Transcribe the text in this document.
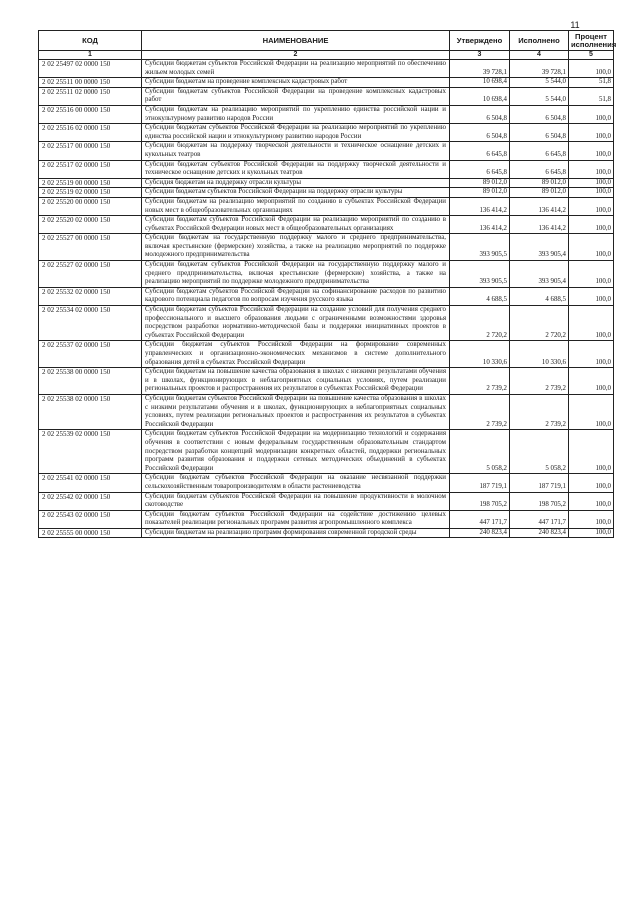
11
КОД	НАИМЕНОВАНИЕ	Утверждено	Исполнено	Процент исполнения
1	2	3	4	5
2 02 25497 02 0000 150	Субсидии бюджетам субъектов Российской Федерации на реализацию мероприятий по обеспечению жильем молодых семей	39 728,1	39 728,1	100,0
2 02 25511 00 0000 150	Субсидии бюджетам на проведение комплексных кадастровых работ	10 698,4	5 544,0	51,8
2 02 25511 02 0000 150	Субсидии бюджетам субъектов Российской Федерации на проведение комплексных кадастровых работ	10 698,4	5 544,0	51,8
2 02 25516 00 0000 150	Субсидии бюджетам на реализацию мероприятий по укреплению единства российской нации и этнокультурному развитию народов России	6 504,8	6 504,8	100,0
2 02 25516 02 0000 150	Субсидии бюджетам субъектов Российской Федерации на реализацию мероприятий по укреплению единства российской нации и этнокультурному развитию народов России	6 504,8	6 504,8	100,0
2 02 25517 00 0000 150	Субсидии бюджетам на поддержку творческой деятельности и техническое оснащение детских и кукольных театров	6 645,8	6 645,8	100,0
2 02 25517 02 0000 150	Субсидии бюджетам субъектов Российской Федерации на поддержку творческой деятельности и техническое оснащение детских и кукольных театров	6 645,8	6 645,8	100,0
2 02 25519 00 0000 150	Субсидия бюджетам на поддержку отрасли культуры	89 012,0	89 012,0	100,0
2 02 25519 02 0000 150	Субсидии бюджетам субъектов Российской Федерации на поддержку отрасли культуры	89 012,0	89 012,0	100,0
2 02 25520 00 0000 150	Субсидии бюджетам на реализацию мероприятий по созданию в субъектах Российской Федерации новых мест в общеобразовательных организациях	136 414,2	136 414,2	100,0
2 02 25520 02 0000 150	Субсидии бюджетам субъектов Российской Федерации на реализацию мероприятий по созданию в субъектах Российской Федерации новых мест в общеобразовательных организациях	136 414,2	136 414,2	100,0
2 02 25527 00 0000 150	Субсидии бюджетам на государственную поддержку малого и среднего предпринимательства, включая крестьянские (фермерские) хозяйства, а также на реализацию мероприятий по поддержке молодежного предпринимательства	393 905,5	393 905,4	100,0
2 02 25527 02 0000 150	Субсидии бюджетам субъектов Российской Федерации на государственную поддержку малого и среднего предпринимательства, включая крестьянские (фермерские) хозяйства, а также на реализацию мероприятий по поддержке молодежного предпринимательства	393 905,5	393 905,4	100,0
2 02 25532 02 0000 150	Субсидии бюджетам субъектов Российской Федерации на софинансирование расходов по развитию кадрового потенциала педагогов по вопросам изучения русского языка	4 688,5	4 688,5	100,0
2 02 25534 02 0000 150	Субсидии бюджетам субъектов Российской Федерации на создание условий для получения среднего профессионального и высшего образования людьми с ограниченными возможностями здоровья посредством разработки нормативно-методической базы и поддержки инициативных проектов в субъектах Российской Федерации	2 720,2	2 720,2	100,0
2 02 25537 02 0000 150	Субсидии бюджетам субъектов Российской Федерации на формирование современных управленческих и организационно-экономических механизмов в системе дополнительного образования детей в субъектах Российской Федерации	10 330,6	10 330,6	100,0
2 02 25538 00 0000 150	Субсидии бюджетам на повышение качества образования в школах с низкими результатами обучения и в школах, функционирующих в неблагоприятных социальных условиях, путем реализации региональных проектов и распространения их результатов в субъектах Российской Федерации	2 739,2	2 739,2	100,0
2 02 25538 02 0000 150	Субсидии бюджетам субъектов Российской Федерации на повышение качества образования в школах с низкими результатами обучения и в школах, функционирующих в неблагоприятных социальных условиях, путем реализации региональных проектов и распространения их результатов в субъектах Российской Федерации	2 739,2	2 739,2	100,0
2 02 25539 02 0000 150	Субсидии бюджетам субъектов Российской Федерации на модернизацию технологий и содержания обучения в соответствии с новым федеральным государственным образовательным стандартом посредством разработки концепций модернизации конкретных областей, поддержки региональных программ развития образования и поддержки сетевых методических объединений в субъектах Российской Федерации	5 058,2	5 058,2	100,0
2 02 25541 02 0000 150	Субсидии бюджетам субъектов Российской Федерации на оказание несвязанной поддержки сельскохозяйственным товаропроизводителям в области растениеводства	187 719,1	187 719,1	100,0
2 02 25542 02 0000 150	Субсидии бюджетам субъектов Российской Федерации на повышение продуктивности в молочном скотоводстве	198 705,2	198 705,2	100,0
2 02 25543 02 0000 150	Субсидии бюджетам субъектов Российской Федерации на содействие достижению целевых показателей реализации региональных программ развития агропромышленного комплекса	447 171,7	447 171,7	100,0
2 02 25555 00 0000 150	Субсидии бюджетам на реализацию программ формирования современной городской среды	240 823,4	240 823,4	100,0
